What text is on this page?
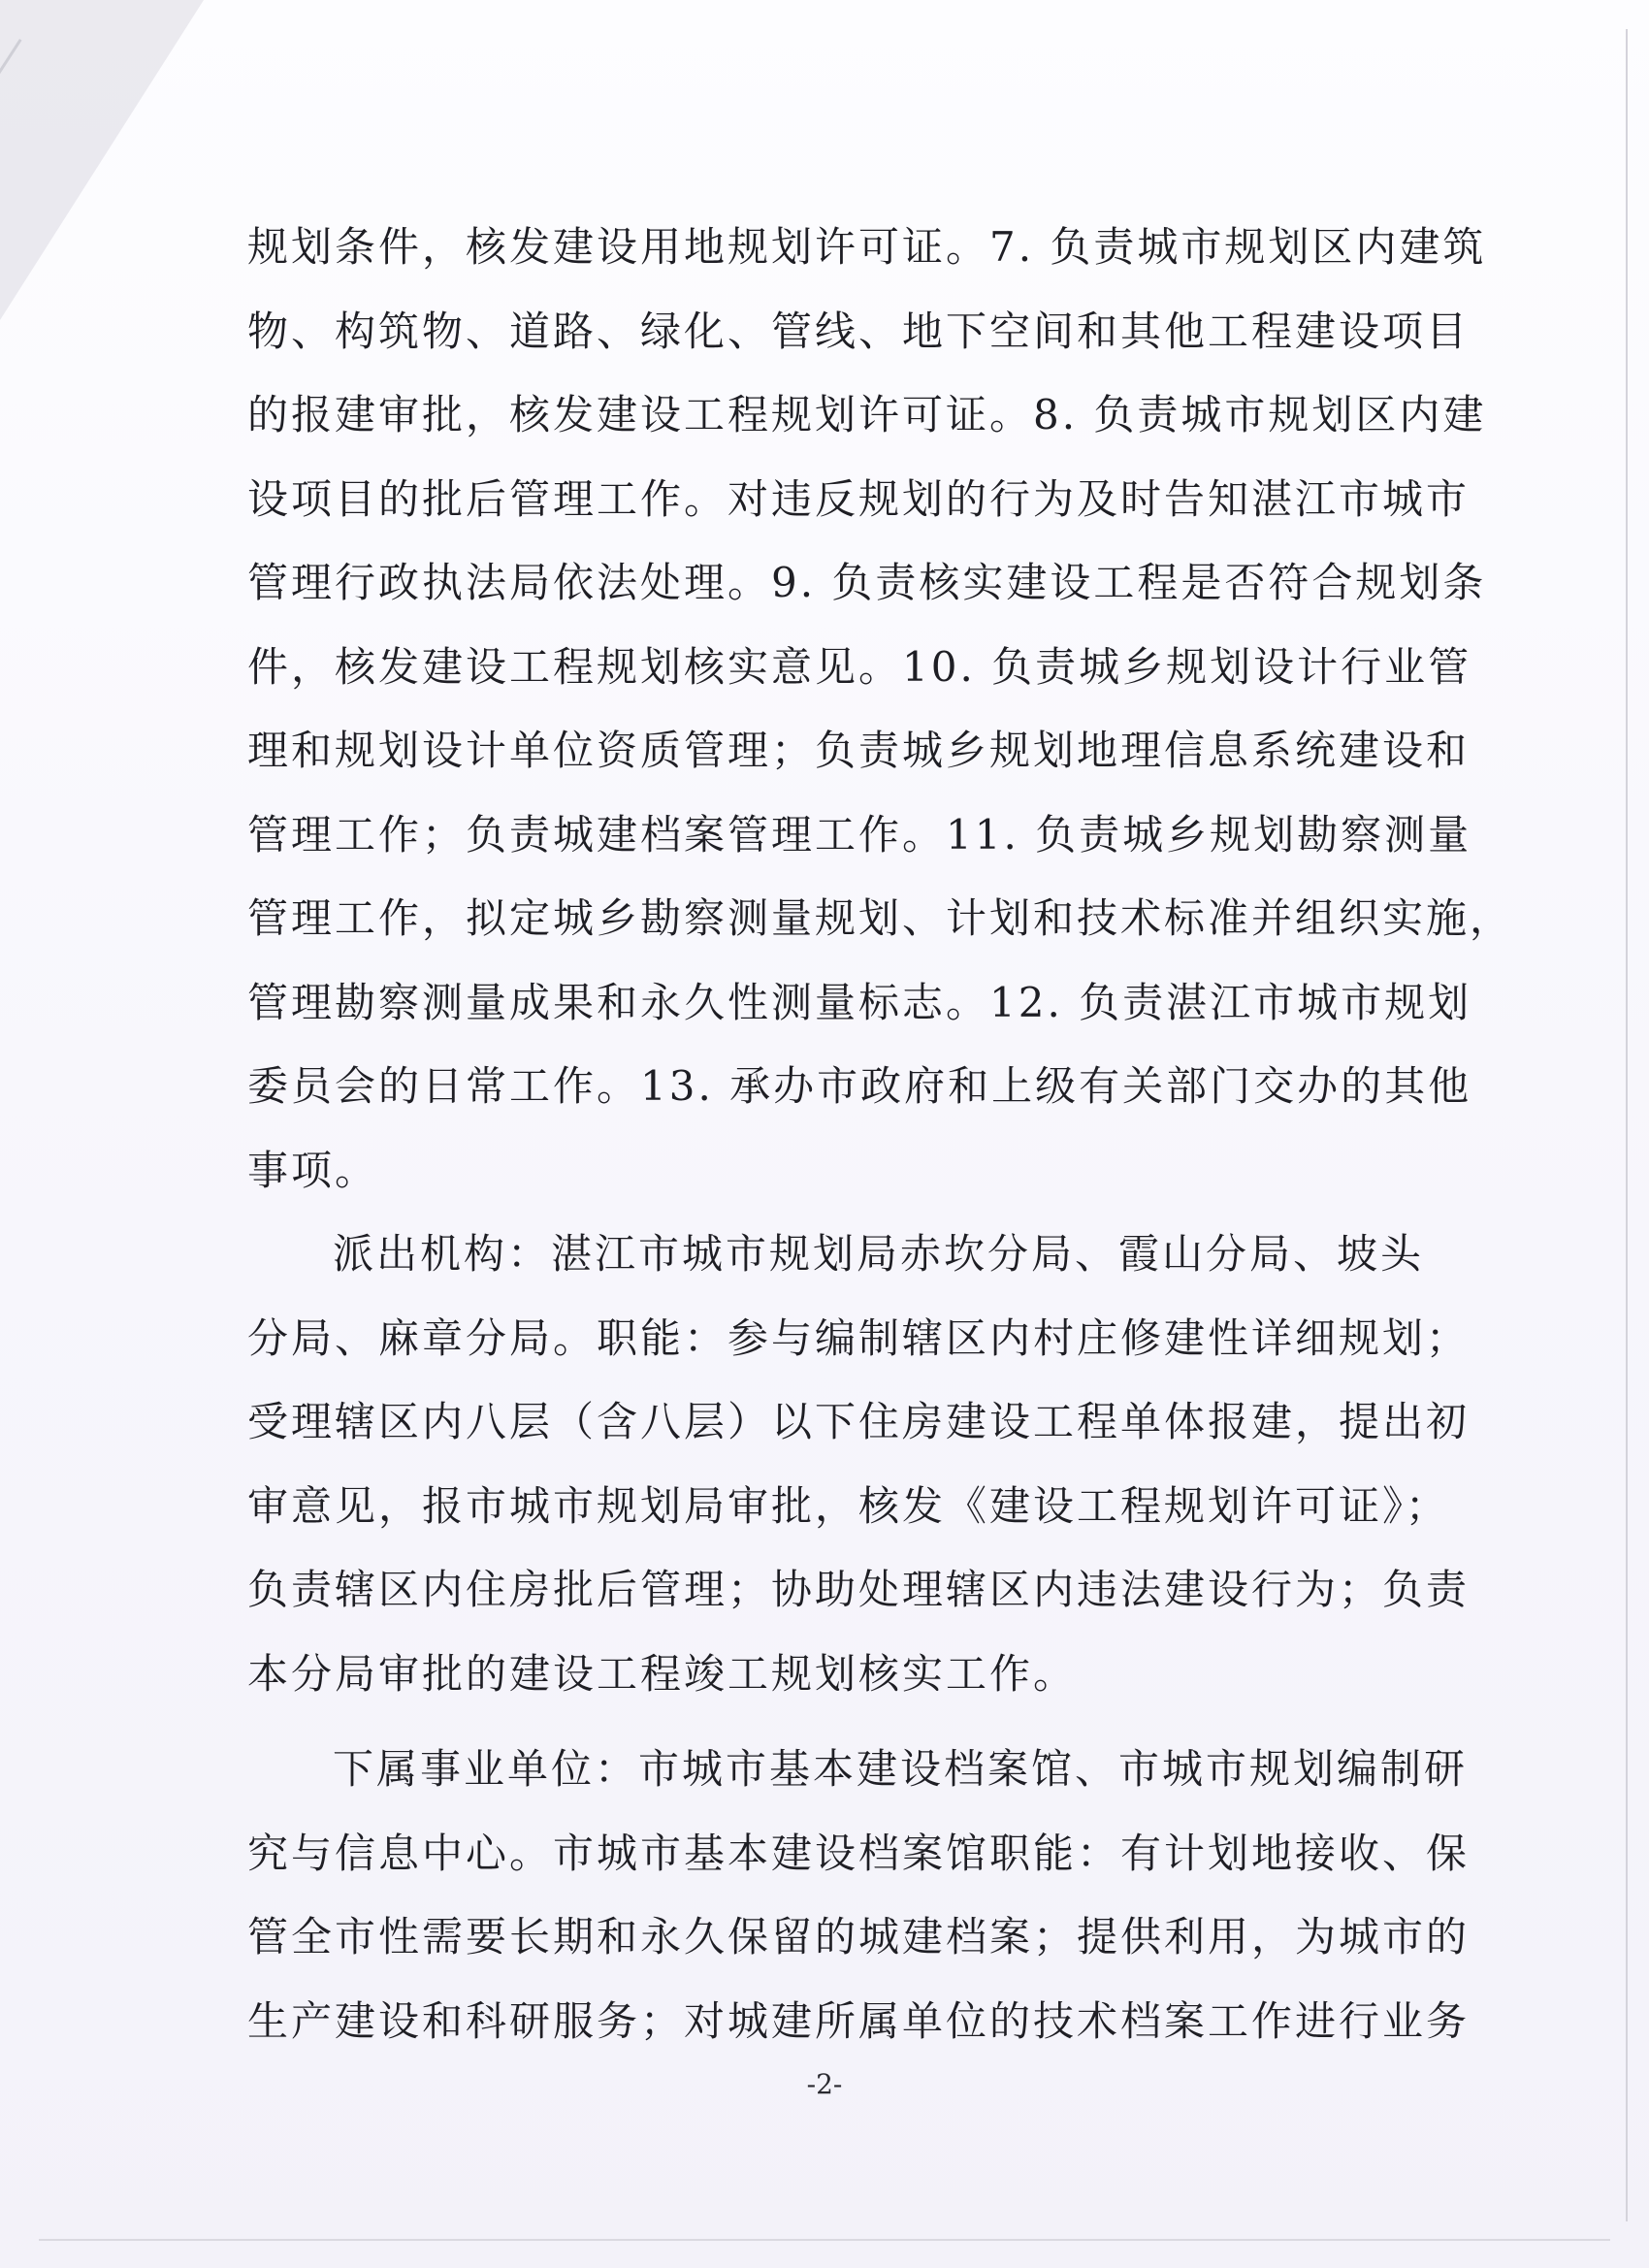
规划条件，核发建设用地规划许可证。7. 负责城市规划区内建筑
物、构筑物、道路、绿化、管线、地下空间和其他工程建设项目
的报建审批，核发建设工程规划许可证。8. 负责城市规划区内建
设项目的批后管理工作。对违反规划的行为及时告知湛江市城市
管理行政执法局依法处理。9. 负责核实建设工程是否符合规划条
件，核发建设工程规划核实意见。10. 负责城乡规划设计行业管
理和规划设计单位资质管理；负责城乡规划地理信息系统建设和
管理工作；负责城建档案管理工作。11. 负责城乡规划勘察测量
管理工作，拟定城乡勘察测量规划、计划和技术标准并组织实施，
管理勘察测量成果和永久性测量标志。12. 负责湛江市城市规划
委员会的日常工作。13. 承办市政府和上级有关部门交办的其他
事项。
派出机构：湛江市城市规划局赤坎分局、霞山分局、坡头
分局、麻章分局。职能：参与编制辖区内村庄修建性详细规划；
受理辖区内八层（含八层）以下住房建设工程单体报建，提出初
审意见，报市城市规划局审批，核发《建设工程规划许可证》；
负责辖区内住房批后管理；协助处理辖区内违法建设行为；负责
本分局审批的建设工程竣工规划核实工作。
下属事业单位：市城市基本建设档案馆、市城市规划编制研
究与信息中心。市城市基本建设档案馆职能：有计划地接收、保
管全市性需要长期和永久保留的城建档案；提供利用，为城市的
生产建设和科研服务；对城建所属单位的技术档案工作进行业务
-2-
